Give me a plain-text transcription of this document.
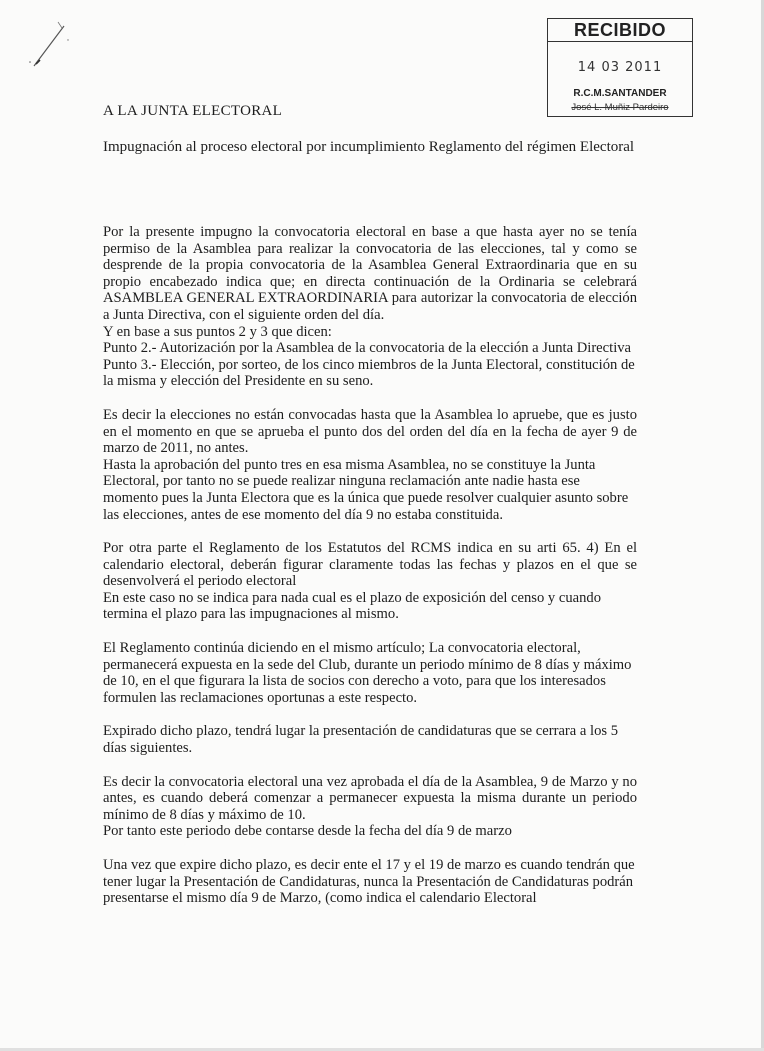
RECIBIDO
14 03 2011
R.C.M.SANTANDER
José L. Muñiz Pardeiro
A LA JUNTA ELECTORAL
Impugnación al proceso electoral por incumplimiento Reglamento del régimen Electoral

Por la presente impugno la convocatoria electoral en base a que hasta ayer no se tenía permiso de la Asamblea para realizar la convocatoria de las elecciones, tal y como se desprende de la propia convocatoria de la Asamblea General Extraordinaria que en su propio encabezado indica que; en directa continuación de la Ordinaria se celebrará ASAMBLEA GENERAL EXTRAORDINARIA para autorizar la convocatoria de elección a Junta Directiva, con el siguiente orden del día.
Y en base a sus puntos 2 y 3 que dicen:
Punto 2.- Autorización por la Asamblea de la convocatoria de la elección a Junta Directiva
Punto 3.- Elección, por sorteo, de los cinco miembros de la Junta Electoral, constitución de la misma y elección del Presidente en su seno.

Es decir la elecciones no están convocadas hasta que la Asamblea lo apruebe, que es justo en el momento en que se aprueba el punto dos del orden del día en la fecha de ayer 9 de marzo de 2011, no antes.
Hasta la aprobación del punto tres en esa misma Asamblea, no se constituye la Junta Electoral, por tanto no se puede realizar ninguna reclamación ante nadie hasta ese momento pues la Junta Electora que es la única que puede resolver cualquier asunto sobre las elecciones, antes de ese momento del día 9 no estaba constituida.

Por otra parte el Reglamento de los Estatutos del RCMS indica en su arti 65. 4) En el calendario electoral, deberán figurar claramente todas las fechas y plazos en el que se desenvolverá el periodo electoral
En este caso no se indica para nada cual es el plazo de exposición del censo y cuando termina el plazo para las impugnaciones al mismo.

El Reglamento continúa diciendo en el mismo artículo; La convocatoria electoral, permanecerá expuesta en la sede del Club, durante un periodo mínimo de 8 días y máximo de 10, en el que figurara la lista de socios con derecho a voto, para que los interesados formulen las reclamaciones oportunas a este respecto.

Expirado dicho plazo, tendrá lugar la presentación de candidaturas que se cerrara a los 5 días siguientes.

Es decir la convocatoria electoral una vez aprobada el día de la Asamblea, 9 de Marzo y no antes, es cuando deberá comenzar a permanecer expuesta la misma durante un periodo mínimo de 8 días y máximo de 10.
Por tanto este periodo debe contarse desde la fecha del día 9 de marzo

Una vez que expire dicho plazo, es decir ente el 17 y el 19 de marzo es cuando tendrán que tener lugar la Presentación de Candidaturas, nunca la Presentación de Candidaturas podrán presentarse el mismo día 9 de Marzo, (como indica el calendario Electoral
